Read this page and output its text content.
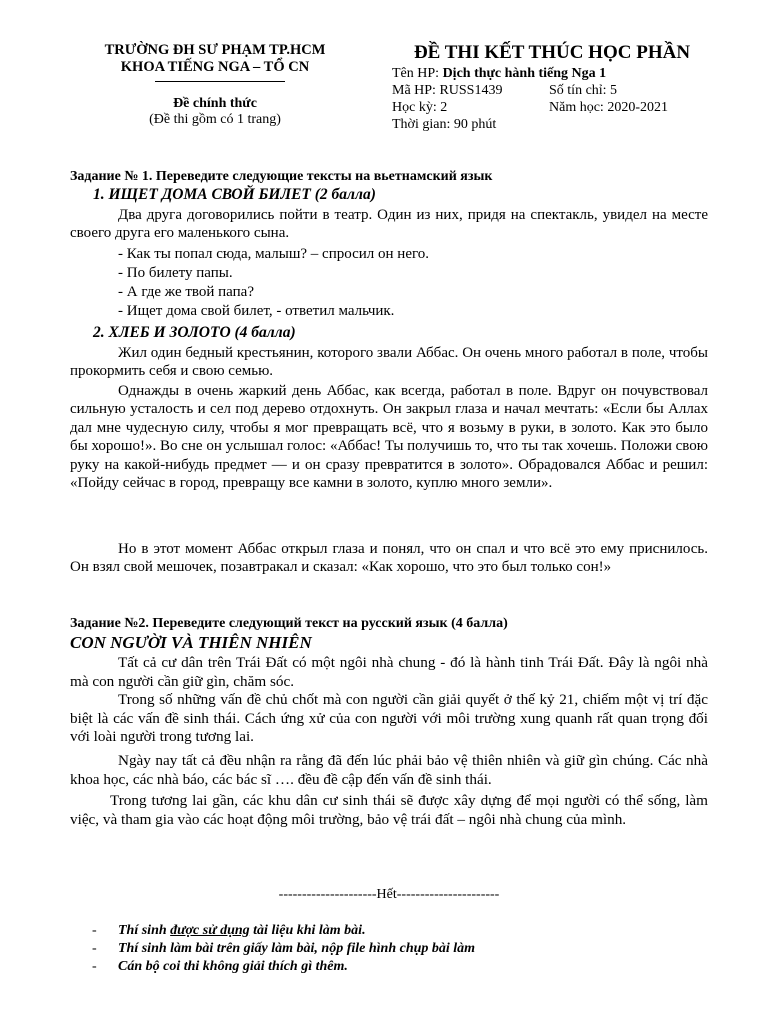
TRƯỜNG ĐH SƯ PHẠM TP.HCM
KHOA TIẾNG NGA – TỔ CN
Đề chính thức
(Đề thi gồm có 1 trang)
ĐỀ THI KẾT THÚC HỌC PHẦN
Tên HP: Dịch thực hành tiếng Nga 1
Mã HP: RUSS1439	Số tín chỉ: 5
Học kỳ: 2	Năm học: 2020-2021
Thời gian: 90 phút
Задание № 1. Переведите следующие тексты на вьетнамский язык
1. ИЩЕТ ДОМА СВОЙ БИЛЕТ (2 балла)

Два друга договорились пойти в театр. Один из них, придя на спектакль, увидел на месте своего друга его маленького сына.

- Как ты попал сюда, малыш? – спросил он него.
- По билету папы.
- А где же твой папа?
- Ищет дома свой билет, - ответил мальчик.
2. ХЛЕБ И ЗОЛОТО (4 балла)

Жил один бедный крестьянин, которого звали Аббас. Он очень много работал в поле, чтобы прокормить себя и свою семью.

Однажды в очень жаркий день Аббас, как всегда, работал в поле. Вдруг он почувствовал сильную усталость и сел под дерево отдохнуть. Он закрыл глаза и начал мечтать: «Если бы Аллах дал мне чудесную силу, чтобы я мог превращать всё, что я возьму в руки, в золото. Как это было бы хорошо!». Во сне он услышал голос: «Аббас! Ты получишь то, что ты так хочешь. Положи свою руку на какой-нибудь предмет — и он сразу превратится в золото». Обрадовался Аббас и решил: «Пойду сейчас в город, превращу все камни в золото, куплю много земли».

Но в этот момент Аббас открыл глаза и понял, что он спал и что всё это ему приснилось. Он взял свой мешочек, позавтракал и сказал: «Как хорошо, что это был только сон!»

Задание №2. Переведите следующий текст на русский язык (4 балла)
CON NGƯỜI VÀ THIÊN NHIÊN

Tất cả cư dân trên Trái Đất có một ngôi nhà chung - đó là hành tinh Trái Đất. Đây là ngôi nhà mà con người cần giữ gìn, chăm sóc.

Trong số những vấn đề chủ chốt mà con người cần giải quyết ở thế kỷ 21, chiếm một vị trí đặc biệt là các vấn đề sinh thái. Cách ứng xử của con người với môi trường xung quanh rất quan trọng đối với loài người trong tương lai.

Ngày nay tất cả đều nhận ra rằng đã đến lúc phải bảo vệ thiên nhiên và giữ gìn chúng. Các nhà khoa học, các nhà báo, các bác sĩ …. đều đề cập đến vấn đề sinh thái.

Trong tương lai gần, các khu dân cư sinh thái sẽ được xây dựng để mọi người có thể sống, làm việc, và tham gia vào các hoạt động môi trường, bảo vệ trái đất – ngôi nhà chung của mình.

---------------------Hết----------------------
- Thí sinh được sử dụng tài liệu khi làm bài.
- Thí sinh làm bài trên giấy làm bài, nộp file hình chụp bài làm
- Cán bộ coi thi không giải thích gì thêm.
